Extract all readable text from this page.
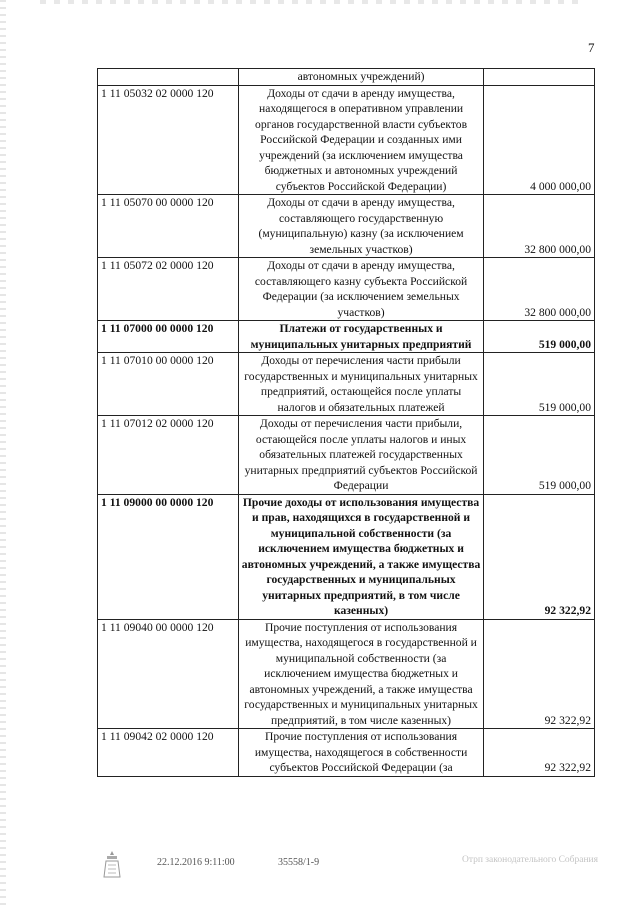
7
	автономных учреждений)	
1 11 05032 02 0000 120	Доходы от сдачи в аренду имущества, находящегося в оперативном управлении органов государственной власти субъектов Российской Федерации и созданных ими учреждений (за исключением имущества бюджетных и автономных учреждений субъектов Российской Федерации)	4 000 000,00
1 11 05070 00 0000 120	Доходы от сдачи в аренду имущества, составляющего государственную (муниципальную) казну (за исключением земельных участков)	32 800 000,00
1 11 05072 02 0000 120	Доходы от сдачи в аренду имущества, составляющего казну субъекта Российской Федерации (за исключением земельных участков)	32 800 000,00
1 11 07000 00 0000 120	Платежи от государственных и муниципальных унитарных предприятий	519 000,00
1 11 07010 00 0000 120	Доходы от перечисления части прибыли государственных и муниципальных унитарных предприятий, остающейся после уплаты налогов и обязательных платежей	519 000,00
1 11 07012 02 0000 120	Доходы от перечисления части прибыли, остающейся после уплаты налогов и иных обязательных платежей государственных унитарных предприятий субъектов Российской Федерации	519 000,00
1 11 09000 00 0000 120	Прочие доходы от использования имущества и прав, находящихся в государственной и муниципальной собственности (за исключением имущества бюджетных и автономных учреждений, а также имущества государственных и муниципальных унитарных предприятий, в том числе казенных)	92 322,92
1 11 09040 00 0000 120	Прочие поступления от использования имущества, находящегося в государственной и муниципальной собственности (за исключением имущества бюджетных и автономных учреждений, а также имущества государственных и муниципальных унитарных предприятий, в том числе казенных)	92 322,92
1 11 09042 02 0000 120	Прочие поступления от использования имущества, находящегося в собственности субъектов Российской Федерации (за	92 322,92
22.12.2016 9:11:00	35558/1-9	Отрп законодательного Собрания
